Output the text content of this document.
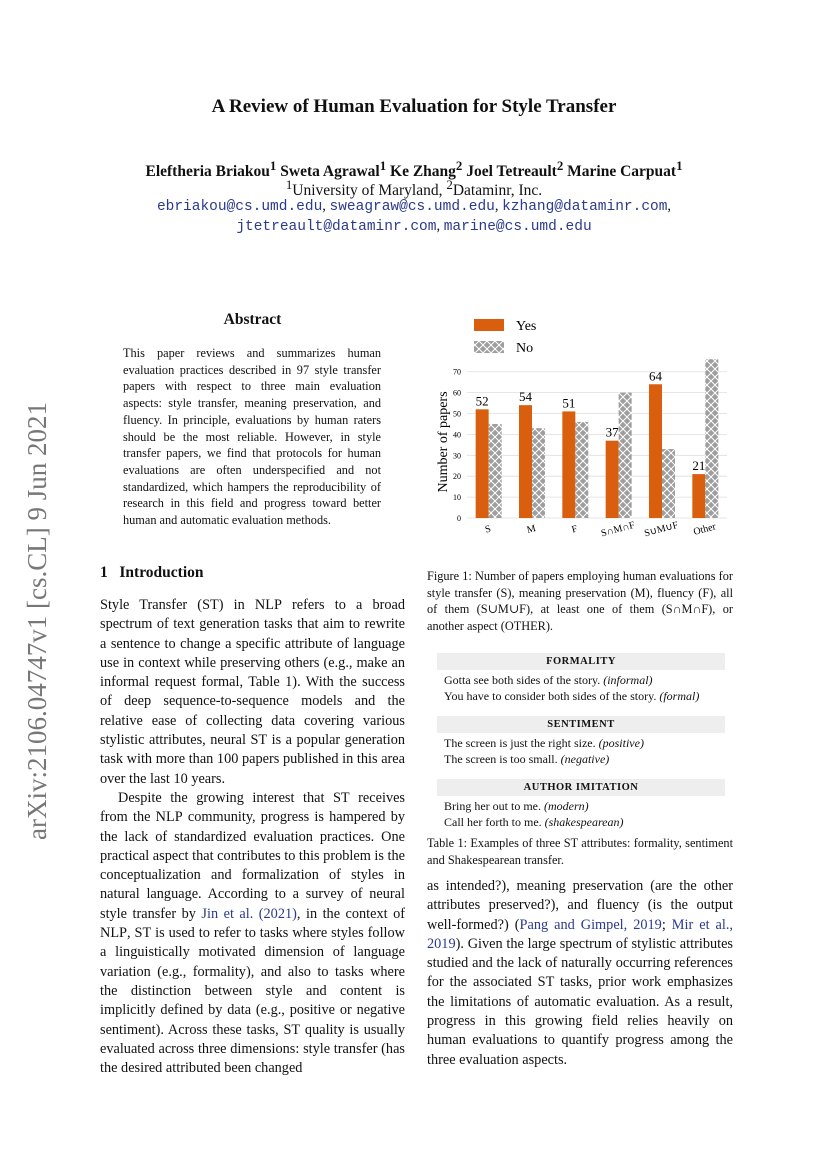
A Review of Human Evaluation for Style Transfer
Eleftheria Briakou$^1$ Sweta Agrawal$^1$ Ke Zhang$^2$ Joel Tetreault$^2$ Marine Carpuat$^1$
$^1$University of Maryland, $^2$Dataminr, Inc.
ebriakou@cs.umd.edu, sweagraw@cs.umd.edu, kzhang@dataminr.com,
jtetreault@dataminr.com, marine@cs.umd.edu
arXiv:2106.04747v1 [cs.CL] 9 Jun 2021
Abstract
This paper reviews and summarizes human evaluation practices described in 97 style transfer papers with respect to three main evaluation aspects: style transfer, meaning preservation, and fluency. In principle, evaluations by human raters should be the most reliable. However, in style transfer papers, we find that protocols for human evaluations are often underspecified and not standardized, which hampers the reproducibility of research in this field and progress toward better human and automatic evaluation methods.
1 Introduction

Style Transfer (ST) in NLP refers to a broad spectrum of text generation tasks that aim to rewrite a sentence to change a specific attribute of language use in context while preserving others (e.g., make an informal request formal, Table 1). With the success of deep sequence-to-sequence models and the relative ease of collecting data covering various stylistic attributes, neural ST is a popular generation task with more than 100 papers published in this area over the last 10 years.

Despite the growing interest that ST receives from the NLP community, progress is hampered by the lack of standardized evaluation practices. One practical aspect that contributes to this problem is the conceptualization and formalization of styles in natural language. According to a survey of neural style transfer by Jin et al. (2021), in the context of NLP, ST is used to refer to tasks where styles follow a linguistically motivated dimension of language variation (e.g., formality), and also to tasks where the distinction between style and content is implicitly defined by data (e.g., positive or negative sentiment). Across these tasks, ST quality is usually evaluated across three dimensions: style transfer (has the desired attributed been changed

0
10
20
30
40
50
60
70
52
S
54
M
51
F
37
S∩M∩F
64
S∪M∪F
21
Other
Yes
No
Number of papers
Figure 1: Number of papers employing human evaluations for style transfer (S), meaning preservation (M), fluency (F), all of them (S∪M∪F), at least one of them (S∩M∩F), or another aspect (OTHER).
FORMALITY
Gotta see both sides of the story. (informal)
You have to consider both sides of the story. (formal)
SENTIMENT
The screen is just the right size. (positive)
The screen is too small. (negative)
AUTHOR IMITATION
Bring her out to me. (modern)
Call her forth to me. (shakespearean)
Table 1: Examples of three ST attributes: formality, sentiment and Shakespearean transfer.
as intended?), meaning preservation (are the other attributes preserved?), and fluency (is the output well-formed?) (Pang and Gimpel, 2019; Mir et al., 2019). Given the large spectrum of stylistic attributes studied and the lack of naturally occurring references for the associated ST tasks, prior work emphasizes the limitations of automatic evaluation. As a result, progress in this growing field relies heavily on human evaluations to quantify progress among the three evaluation aspects.
